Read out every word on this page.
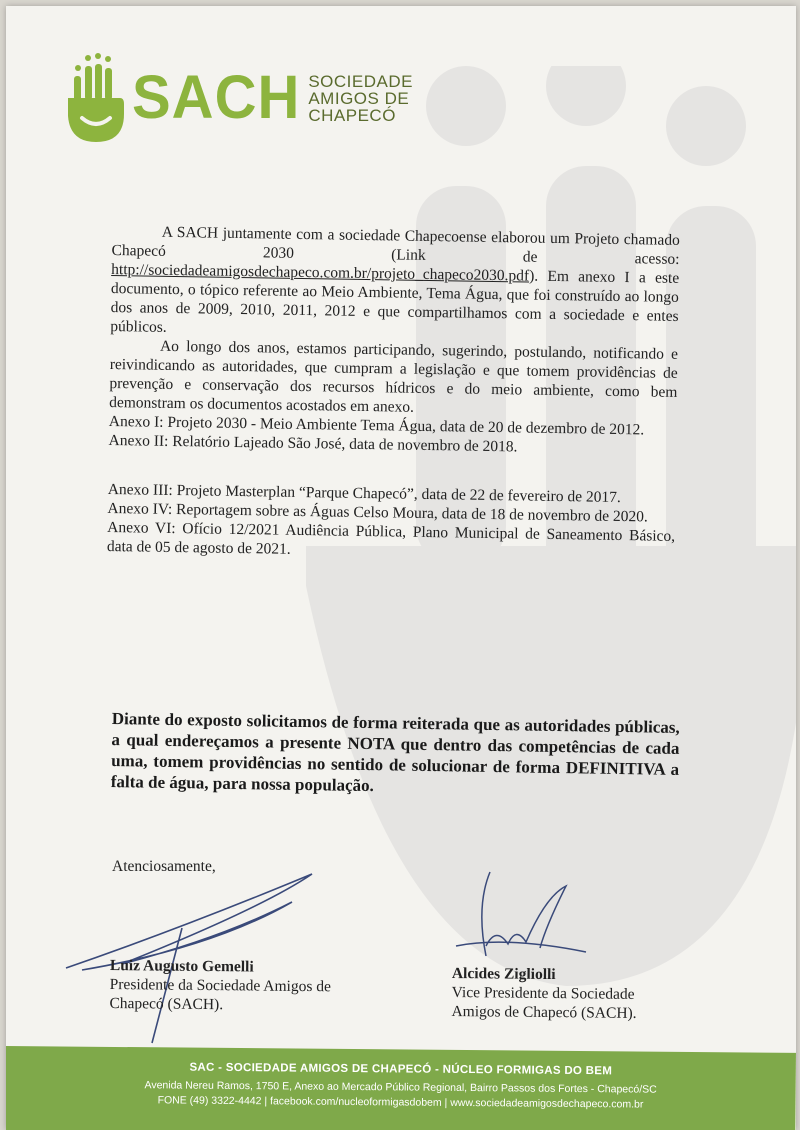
SACH SOCIEDADE
AMIGOS DE
CHAPECÓ

A SACH juntamente com a sociedade Chapecoense elaborou um Projeto chamado Chapecó 2030 (Link de acesso: http://sociedadeamigosdechapeco.com.br/projeto_chapeco2030.pdf). Em anexo I a este documento, o tópico referente ao Meio Ambiente, Tema Água, que foi construído ao longo dos anos de 2009, 2010, 2011, 2012 e que compartilhamos com a sociedade e entes públicos.

Ao longo dos anos, estamos participando, sugerindo, postulando, notificando e reivindicando as autoridades, que cumpram a legislação e que tomem providências de prevenção e conservação dos recursos hídricos e do meio ambiente, como bem demonstram os documentos acostados em anexo.

Anexo I: Projeto 2030 - Meio Ambiente Tema Água, data de 20 de dezembro de 2012.

Anexo II: Relatório Lajeado São José, data de novembro de 2018.

Anexo III: Projeto Masterplan “Parque Chapecó”, data de 22 de fevereiro de 2017.

Anexo IV: Reportagem sobre as Águas Celso Moura, data de 18 de novembro de 2020.

Anexo VI: Ofício 12/2021 Audiência Pública, Plano Municipal de Saneamento Básico, data de 05 de agosto de 2021.

Diante do exposto solicitamos de forma reiterada que as autoridades públicas, a qual endereçamos a presente NOTA que dentro das competências de cada uma, tomem providências no sentido de solucionar de forma DEFINITIVA a falta de água, para nossa população.
Atenciosamente,
Luiz Augusto Gemelli
Presidente da Sociedade Amigos de
Chapecó (SACH).
Alcides Zigliolli
Vice Presidente da Sociedade
Amigos de Chapecó (SACH).
SAC - SOCIEDADE AMIGOS DE CHAPECÓ - NÚCLEO FORMIGAS DO BEM
Avenida Nereu Ramos, 1750 E, Anexo ao Mercado Público Regional, Bairro Passos dos Fortes - Chapecó/SC
FONE (49) 3322-4442 | facebook.com/nucleoformigasdobem | www.sociedadeamigosdechapeco.com.br
